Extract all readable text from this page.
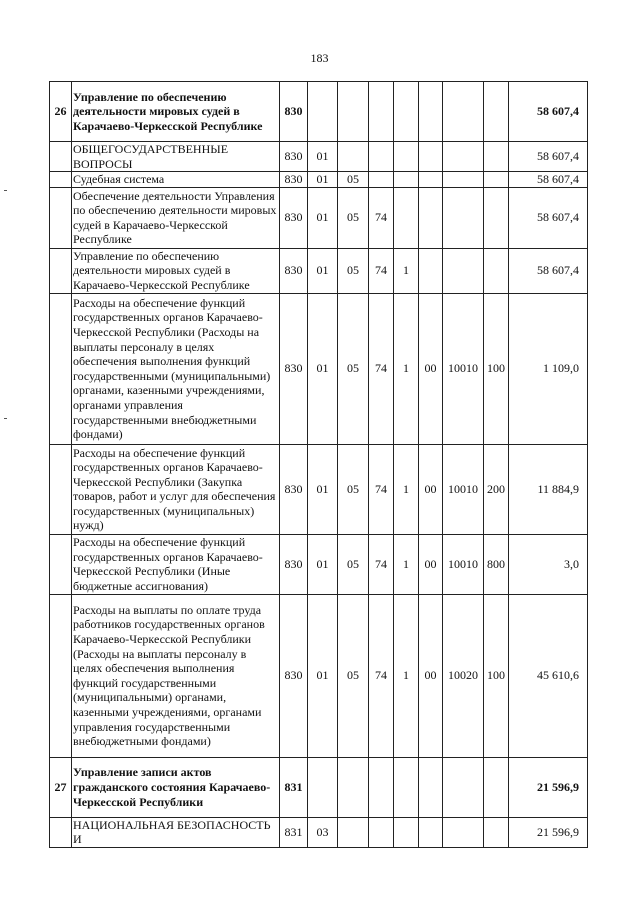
183
26	Управление по обеспечению деятельности мировых судей в Карачаево-Черкесской Республике	830								58 607,4
	ОБЩЕГОСУДАРСТВЕННЫЕ ВОПРОСЫ	830	01							58 607,4
	Судебная система	830	01	05						58 607,4
	Обеспечение деятельности Управления по обеспечению деятельности мировых судей в Карачаево-Черкесской Республике	830	01	05	74					58 607,4
	Управление по обеспечению деятельности мировых судей в Карачаево-Черкесской Республике	830	01	05	74	1				58 607,4
	Расходы на обеспечение функций государственных органов Карачаево-Черкесской Республики (Расходы на выплаты персоналу в целях обеспечения выполнения функций государственными (муниципальными) органами, казенными учреждениями, органами управления государственными внебюджетными фондами)	830	01	05	74	1	00	10010	100	1 109,0
	Расходы на обеспечение функций государственных органов Карачаево-Черкесской Республики (Закупка товаров, работ и услуг для обеспечения государственных (муниципальных) нужд)	830	01	05	74	1	00	10010	200	11 884,9
	Расходы на обеспечение функций государственных органов Карачаево-Черкесской Республики (Иные бюджетные ассигнования)	830	01	05	74	1	00	10010	800	3,0
	Расходы на выплаты по оплате труда работников государственных органов Карачаево-Черкесской Республики (Расходы на выплаты персоналу в целях обеспечения выполнения функций государственными (муниципальными) органами, казенными учреждениями, органами управления государственными внебюджетными фондами)	830	01	05	74	1	00	10020	100	45 610,6
27	Управление записи актов гражданского состояния Карачаево-Черкесской Республики	831								21 596,9
	НАЦИОНАЛЬНАЯ БЕЗОПАСНОСТЬ И	831	03							21 596,9
